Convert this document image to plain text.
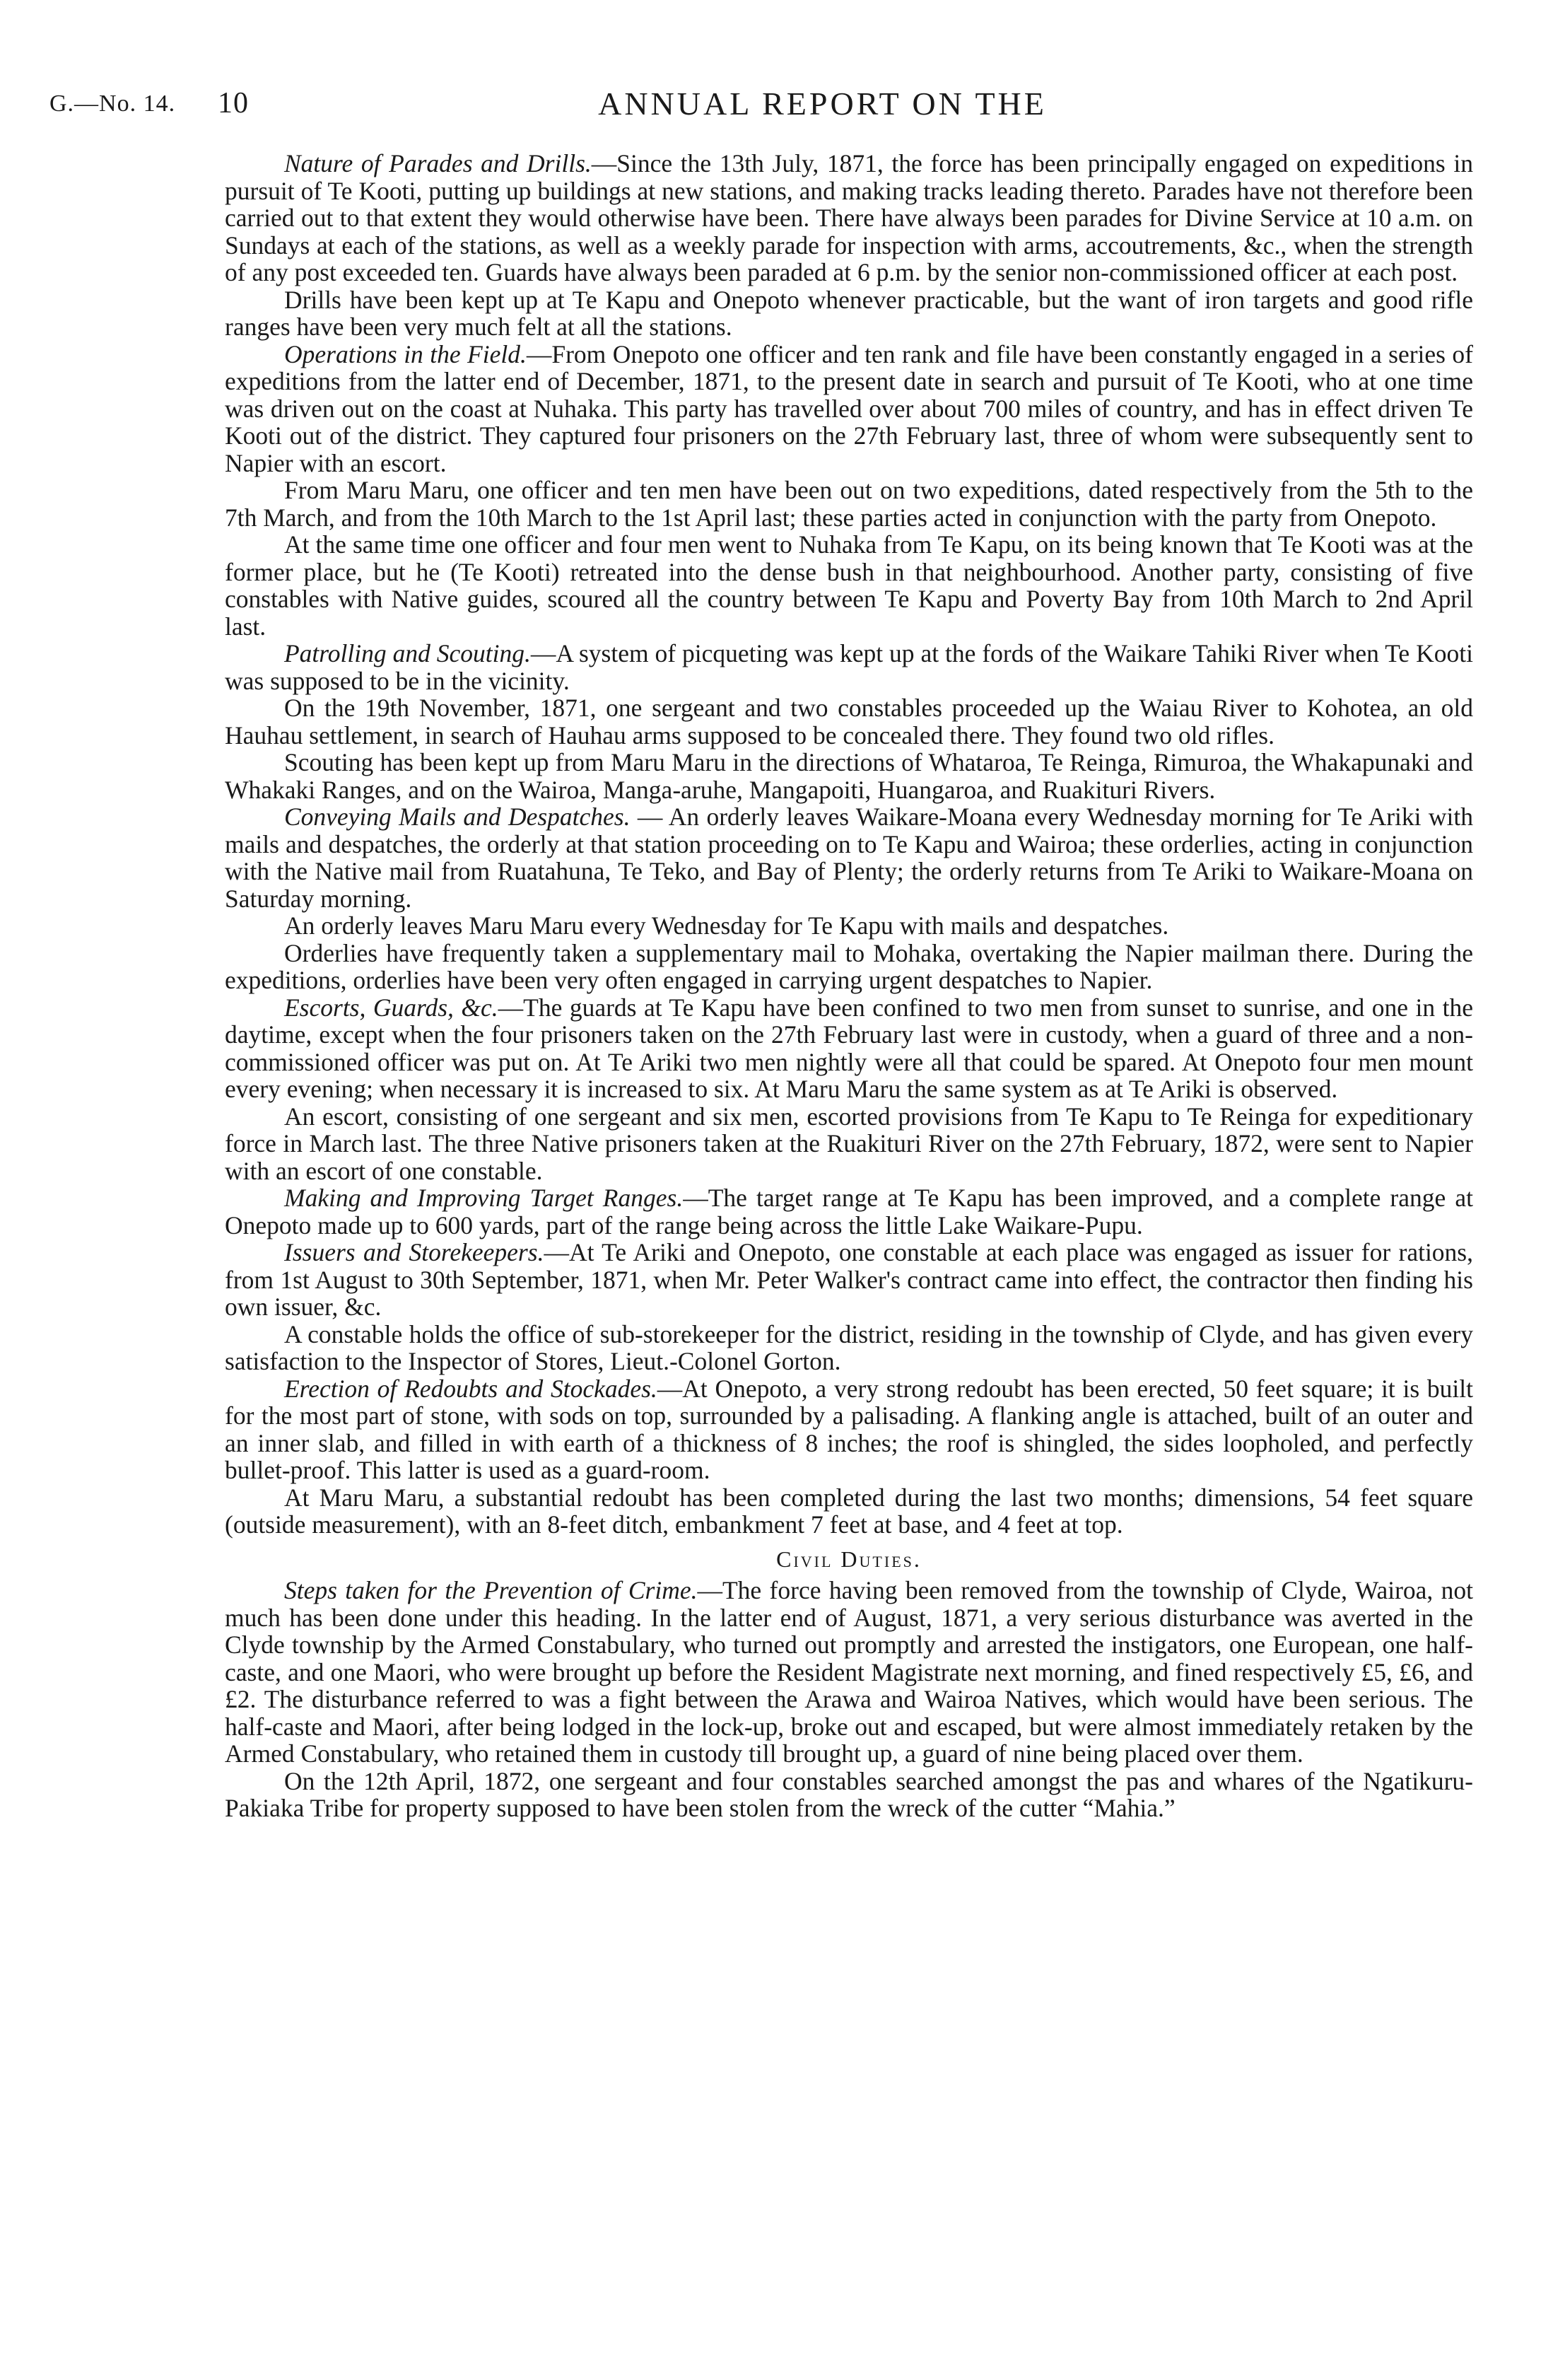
G.—No. 14. 10	ANNUAL REPORT ON THE

Nature of Parades and Drills.—Since the 13th July, 1871, the force has been principally engaged on expeditions in pursuit of Te Kooti, putting up buildings at new stations, and making tracks leading thereto. Parades have not therefore been carried out to that extent they would otherwise have been. There have always been parades for Divine Service at 10 a.m. on Sundays at each of the stations, as well as a weekly parade for inspection with arms, accoutrements, &c., when the strength of any post exceeded ten. Guards have always been paraded at 6 p.m. by the senior non-commissioned officer at each post.

Drills have been kept up at Te Kapu and Onepoto whenever practicable, but the want of iron targets and good rifle ranges have been very much felt at all the stations.

Operations in the Field.—From Onepoto one officer and ten rank and file have been constantly engaged in a series of expeditions from the latter end of December, 1871, to the present date in search and pursuit of Te Kooti, who at one time was driven out on the coast at Nuhaka. This party has travelled over about 700 miles of country, and has in effect driven Te Kooti out of the district. They captured four prisoners on the 27th February last, three of whom were subsequently sent to Napier with an escort.

From Maru Maru, one officer and ten men have been out on two expeditions, dated respectively from the 5th to the 7th March, and from the 10th March to the 1st April last; these parties acted in conjunction with the party from Onepoto.

At the same time one officer and four men went to Nuhaka from Te Kapu, on its being known that Te Kooti was at the former place, but he (Te Kooti) retreated into the dense bush in that neighbourhood. Another party, consisting of five constables with Native guides, scoured all the country between Te Kapu and Poverty Bay from 10th March to 2nd April last.

Patrolling and Scouting.—A system of picqueting was kept up at the fords of the Waikare Tahiki River when Te Kooti was supposed to be in the vicinity.

On the 19th November, 1871, one sergeant and two constables proceeded up the Waiau River to Kohotea, an old Hauhau settlement, in search of Hauhau arms supposed to be concealed there. They found two old rifles.

Scouting has been kept up from Maru Maru in the directions of Whataroa, Te Reinga, Rimuroa, the Whakapunaki and Whakaki Ranges, and on the Wairoa, Manga-aruhe, Mangapoiti, Huangaroa, and Ruakituri Rivers.

Conveying Mails and Despatches. — An orderly leaves Waikare-Moana every Wednesday morning for Te Ariki with mails and despatches, the orderly at that station proceeding on to Te Kapu and Wairoa; these orderlies, acting in conjunction with the Native mail from Ruatahuna, Te Teko, and Bay of Plenty; the orderly returns from Te Ariki to Waikare-Moana on Saturday morning.

An orderly leaves Maru Maru every Wednesday for Te Kapu with mails and despatches.

Orderlies have frequently taken a supplementary mail to Mohaka, overtaking the Napier mailman there. During the expeditions, orderlies have been very often engaged in carrying urgent despatches to Napier.

Escorts, Guards, &c.—The guards at Te Kapu have been confined to two men from sunset to sunrise, and one in the daytime, except when the four prisoners taken on the 27th February last were in custody, when a guard of three and a non-commissioned officer was put on. At Te Ariki two men nightly were all that could be spared. At Onepoto four men mount every evening; when necessary it is increased to six. At Maru Maru the same system as at Te Ariki is observed.

An escort, consisting of one sergeant and six men, escorted provisions from Te Kapu to Te Reinga for expeditionary force in March last. The three Native prisoners taken at the Ruakituri River on the 27th February, 1872, were sent to Napier with an escort of one constable.

Making and Improving Target Ranges.—The target range at Te Kapu has been improved, and a complete range at Onepoto made up to 600 yards, part of the range being across the little Lake Waikare-Pupu.

Issuers and Storekeepers.—At Te Ariki and Onepoto, one constable at each place was engaged as issuer for rations, from 1st August to 30th September, 1871, when Mr. Peter Walker's contract came into effect, the contractor then finding his own issuer, &c.

A constable holds the office of sub-storekeeper for the district, residing in the township of Clyde, and has given every satisfaction to the Inspector of Stores, Lieut.-Colonel Gorton.

Erection of Redoubts and Stockades.—At Onepoto, a very strong redoubt has been erected, 50 feet square; it is built for the most part of stone, with sods on top, surrounded by a palisading. A flanking angle is attached, built of an outer and an inner slab, and filled in with earth of a thickness of 8 inches; the roof is shingled, the sides loopholed, and perfectly bullet-proof. This latter is used as a guard-room.

At Maru Maru, a substantial redoubt has been completed during the last two months; dimensions, 54 feet square (outside measurement), with an 8-feet ditch, embankment 7 feet at base, and 4 feet at top.

Civil Duties.

Steps taken for the Prevention of Crime.—The force having been removed from the township of Clyde, Wairoa, not much has been done under this heading. In the latter end of August, 1871, a very serious disturbance was averted in the Clyde township by the Armed Constabulary, who turned out promptly and arrested the instigators, one European, one half-caste, and one Maori, who were brought up before the Resident Magistrate next morning, and fined respectively £5, £6, and £2. The disturbance referred to was a fight between the Arawa and Wairoa Natives, which would have been serious. The half-caste and Maori, after being lodged in the lock-up, broke out and escaped, but were almost immediately retaken by the Armed Constabulary, who retained them in custody till brought up, a guard of nine being placed over them.

On the 12th April, 1872, one sergeant and four constables searched amongst the pas and whares of the Ngatikuru-Pakiaka Tribe for property supposed to have been stolen from the wreck of the cutter “Mahia.”
